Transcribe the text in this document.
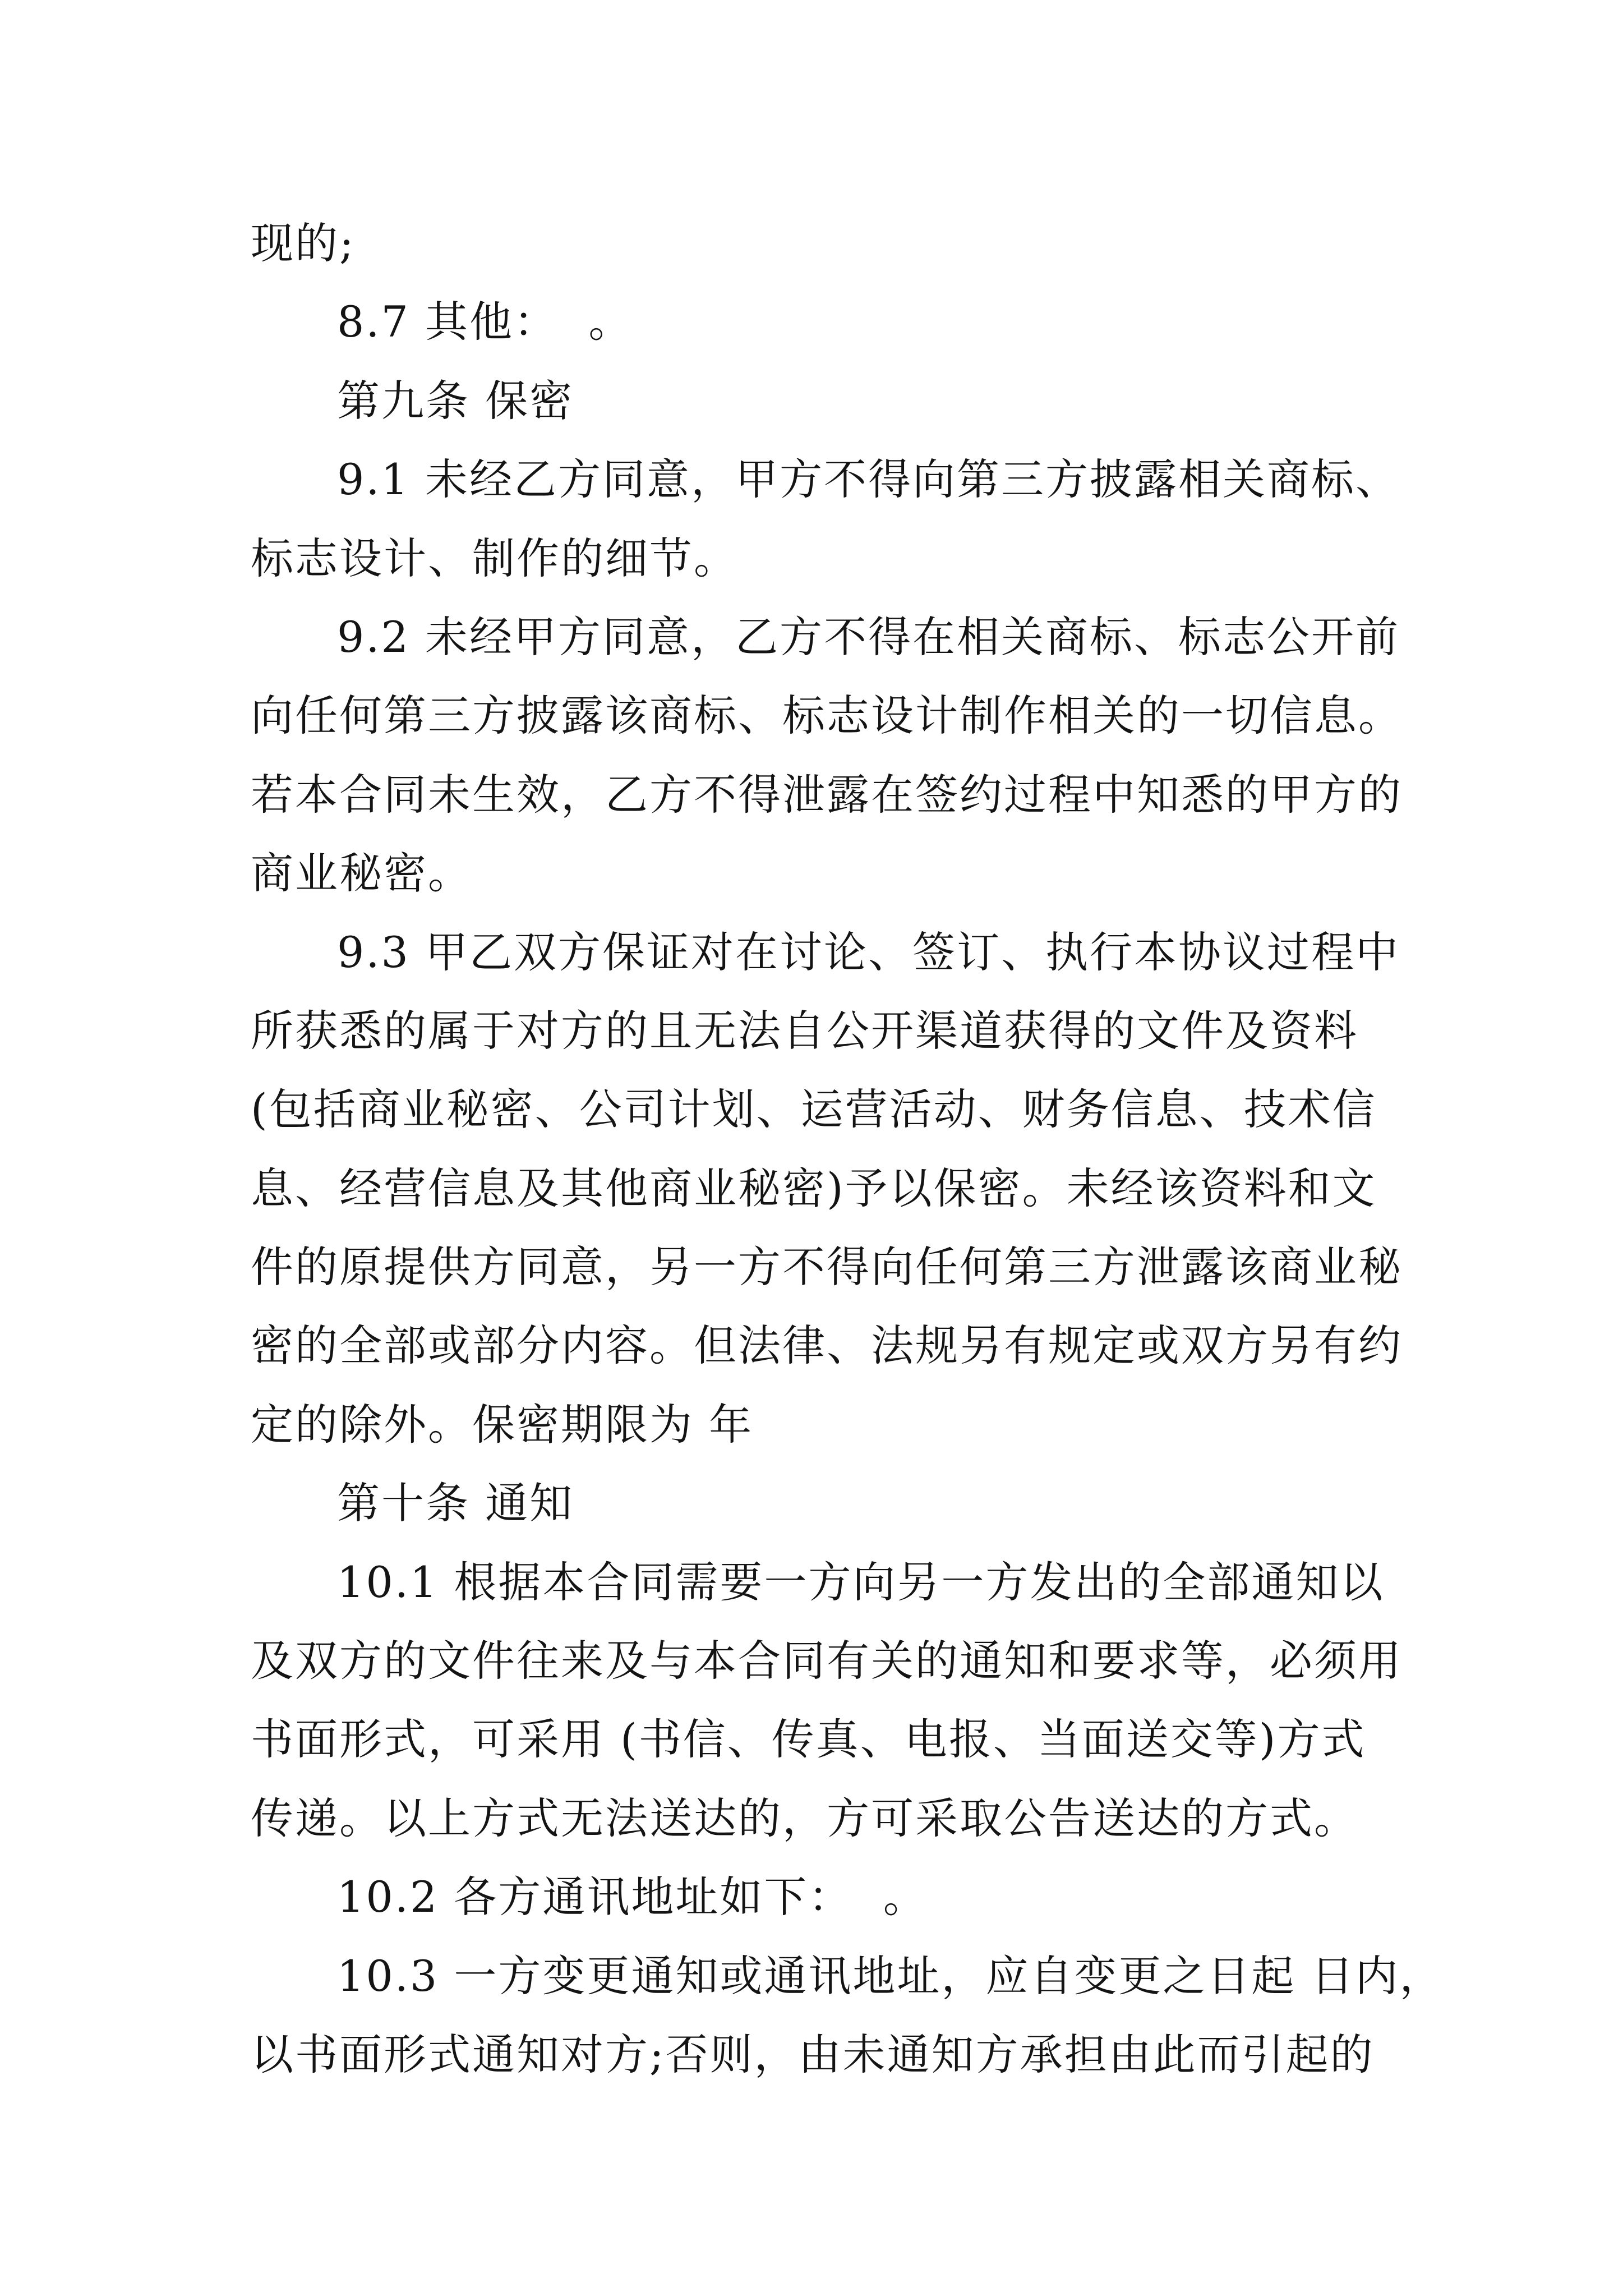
现的;
8.7 其他：  。
第九条 保密
9.1 未经乙方同意，甲方不得向第三方披露相关商标、
标志设计、制作的细节。
9.2 未经甲方同意，乙方不得在相关商标、标志公开前
向任何第三方披露该商标、标志设计制作相关的一切信息。
若本合同未生效，乙方不得泄露在签约过程中知悉的甲方的
商业秘密。
9.3 甲乙双方保证对在讨论、签订、执行本协议过程中
所获悉的属于对方的且无法自公开渠道获得的文件及资料
(包括商业秘密、公司计划、运营活动、财务信息、技术信
息、经营信息及其他商业秘密)予以保密。未经该资料和文
件的原提供方同意，另一方不得向任何第三方泄露该商业秘
密的全部或部分内容。但法律、法规另有规定或双方另有约
定的除外。保密期限为 年
第十条 通知
10.1 根据本合同需要一方向另一方发出的全部通知以
及双方的文件往来及与本合同有关的通知和要求等，必须用
书面形式，可采用 (书信、传真、电报、当面送交等)方式
传递。以上方式无法送达的，方可采取公告送达的方式。
10.2 各方通讯地址如下：  。
10.3 一方变更通知或通讯地址，应自变更之日起 日内，
以书面形式通知对方;否则，由未通知方承担由此而引起的
